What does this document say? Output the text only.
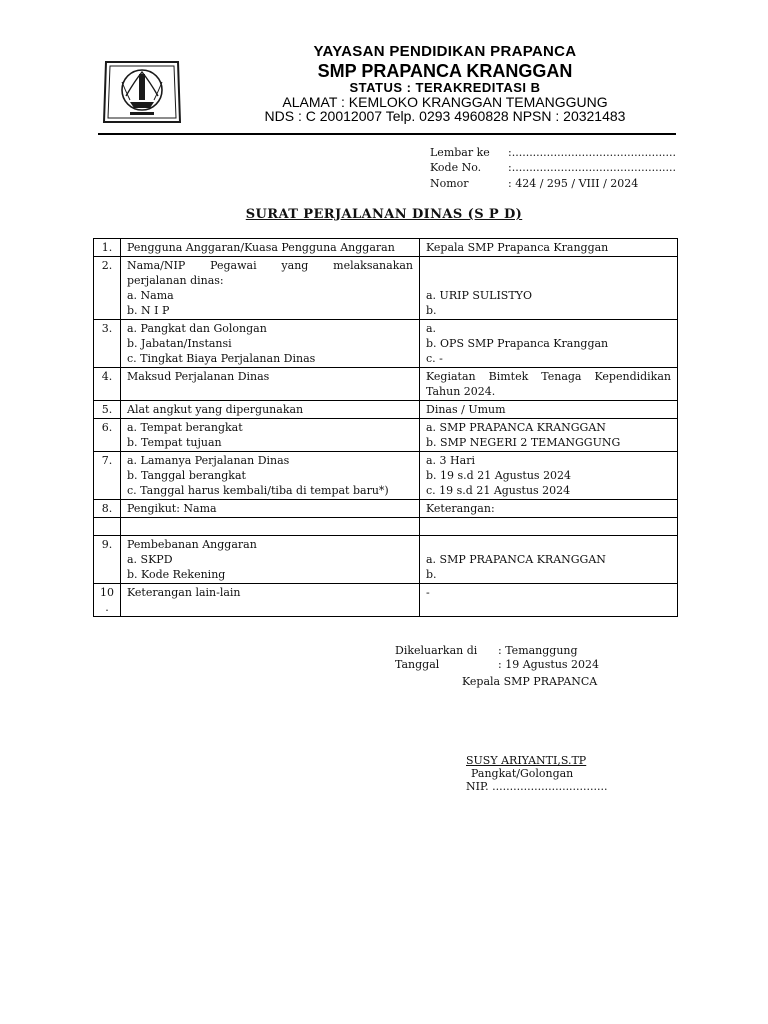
YAYASAN PENDIDIKAN PRAPANCA
SMP PRAPANCA KRANGGAN
STATUS : TERAKREDITASI B
ALAMAT : KEMLOKO KRANGGAN TEMANGGUNG
NDS : C 20012007 Telp. 0293 4960828 NPSN : 20321483
Lembar ke :...............................................
Kode No. :...............................................
Nomor	: 424 / 295 / VIII / 2024
SURAT PERJALANAN DINAS (S P D)
1.	Pengguna Anggaran/Kuasa Pengguna Anggaran	Kepala SMP Prapanca Kranggan

2.	Nama/NIP Pegawai yang melaksanakan
perjalanan dinas:
a. Nama
b. N I P	a. URIP SULISTYO
b.

3.	a. Pangkat dan Golongan
b. Jabatan/Instansi
c. Tingkat Biaya Perjalanan Dinas	a.
b. OPS SMP Prapanca Kranggan
c. -

4.	Maksud Perjalanan Dinas	Kegiatan Bimtek Tenaga Kependidikan
Tahun 2024.

5.	Alat angkut yang dipergunakan	Dinas / Umum

6.	a. Tempat berangkat
b. Tempat tujuan	a. SMP PRAPANCA KRANGGAN
b. SMP NEGERI 2 TEMANGGUNG

7.	a. Lamanya Perjalanan Dinas
b. Tanggal berangkat
c. Tanggal harus kembali/tiba di tempat baru*)	a. 3 Hari
b. 19 s.d 21 Agustus 2024
c. 19 s.d 21 Agustus 2024

8.	Pengikut: Nama	Keterangan:

9.	Pembebanan Anggaran
a. SKPD
b. Kode Rekening	a. SMP PRAPANCA KRANGGAN
b.

10
.	Keterangan lain-lain	-

Dikeluarkan di : Temanggung
Tanggal	: 19 Agustus 2024
Kepala SMP PRAPANCA
SUSY ARIYANTI,S.TP
Pangkat/Golongan
NIP. .................................
